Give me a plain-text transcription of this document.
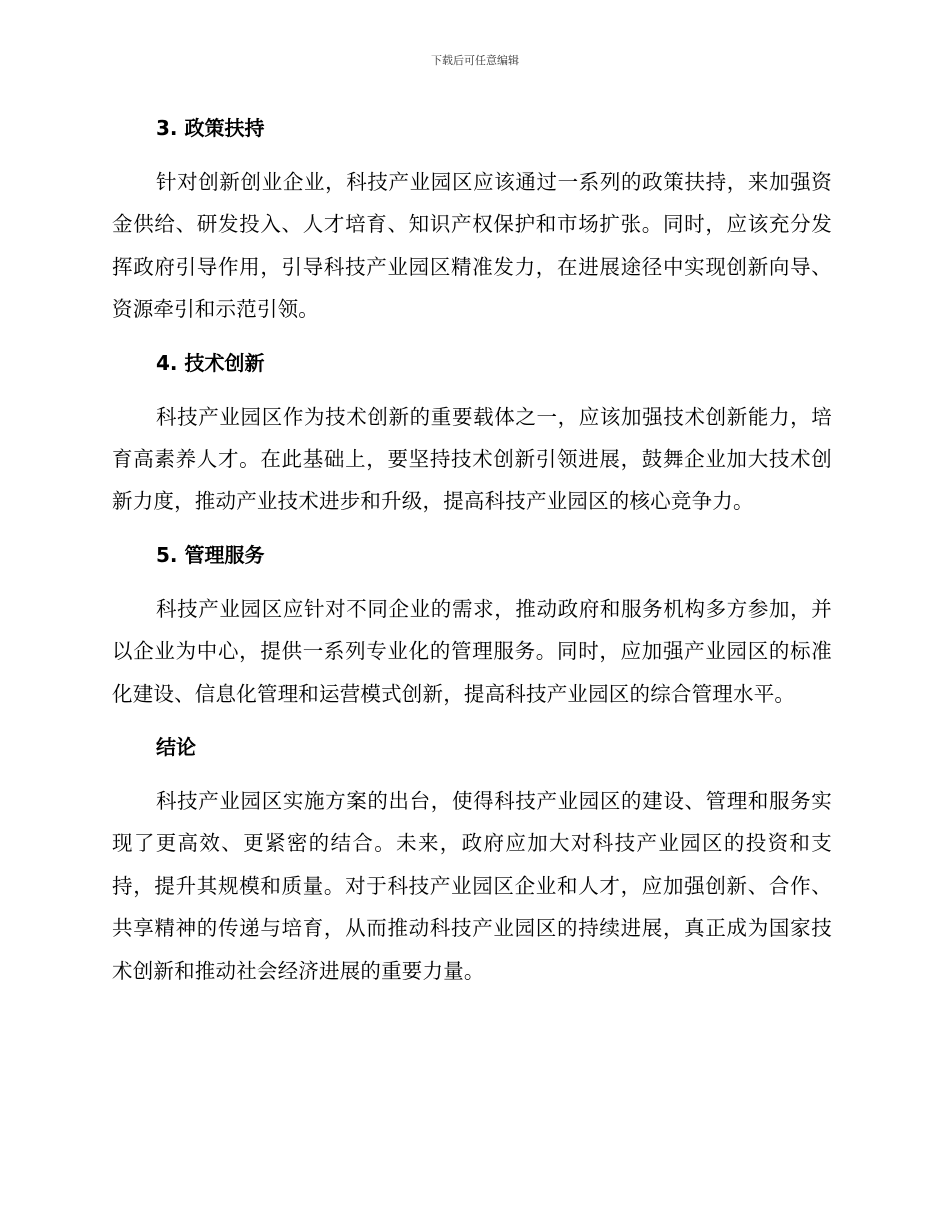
下载后可任意编辑
3. 政策扶持

针对创新创业企业，科技产业园区应该通过一系列的政策扶持，来加强资金供给、研发投入、人才培育、知识产权保护和市场扩张。同时，应该充分发挥政府引导作用，引导科技产业园区精准发力，在进展途径中实现创新向导、资源牵引和示范引领。

4. 技术创新

科技产业园区作为技术创新的重要载体之一，应该加强技术创新能力，培育高素养人才。在此基础上，要坚持技术创新引领进展，鼓舞企业加大技术创新力度，推动产业技术进步和升级，提高科技产业园区的核心竞争力。

5. 管理服务

科技产业园区应针对不同企业的需求，推动政府和服务机构多方参加，并以企业为中心，提供一系列专业化的管理服务。同时，应加强产业园区的标准化建设、信息化管理和运营模式创新，提高科技产业园区的综合管理水平。

结论

科技产业园区实施方案的出台，使得科技产业园区的建设、管理和服务实现了更高效、更紧密的结合。未来，政府应加大对科技产业园区的投资和支持，提升其规模和质量。对于科技产业园区企业和人才，应加强创新、合作、共享精神的传递与培育，从而推动科技产业园区的持续进展，真正成为国家技术创新和推动社会经济进展的重要力量。
